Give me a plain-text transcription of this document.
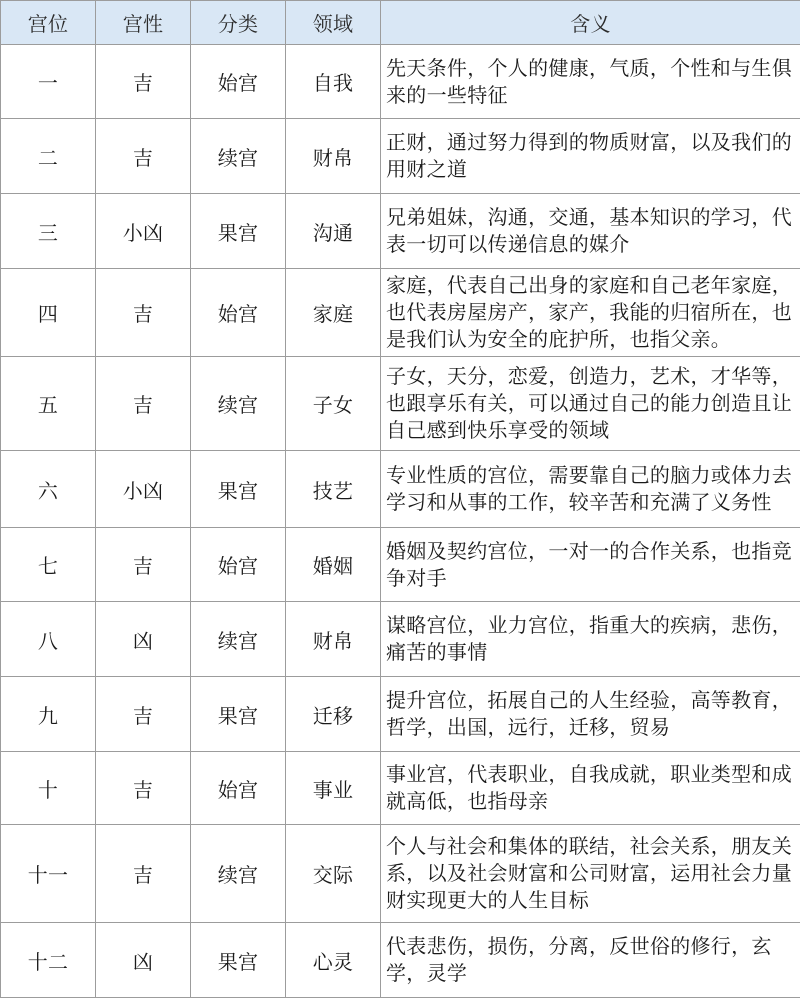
宫位	宫性	分类	领域	含义
一	吉	始宫	自我	先天条件，个人的健康，气质，个性和与生俱来的一些特征
二	吉	续宫	财帛	正财，通过努力得到的物质财富，以及我们的用财之道
三	小凶	果宫	沟通	兄弟姐妹，沟通，交通，基本知识的学习，代表一切可以传递信息的媒介
四	吉	始宫	家庭	家庭，代表自己出身的家庭和自己老年家庭，也代表房屋房产，家产，我能的归宿所在，也是我们认为安全的庇护所，也指父亲。
五	吉	续宫	子女	子女，天分，恋爱，创造力，艺术，才华等，也跟享乐有关，可以通过自己的能力创造且让自己感到快乐享受的领域
六	小凶	果宫	技艺	专业性质的宫位，需要靠自己的脑力或体力去学习和从事的工作，较辛苦和充满了义务性
七	吉	始宫	婚姻	婚姻及契约宫位，一对一的合作关系，也指竞争对手
八	凶	续宫	财帛	谋略宫位，业力宫位，指重大的疾病，悲伤，痛苦的事情
九	吉	果宫	迁移	提升宫位，拓展自己的人生经验，高等教育，哲学，出国，远行，迁移，贸易
十	吉	始宫	事业	事业宫，代表职业，自我成就，职业类型和成就高低，也指母亲
十一	吉	续宫	交际	个人与社会和集体的联结，社会关系，朋友关系，以及社会财富和公司财富，运用社会力量财实现更大的人生目标
十二	凶	果宫	心灵	代表悲伤，损伤，分离，反世俗的修行，玄学，灵学
